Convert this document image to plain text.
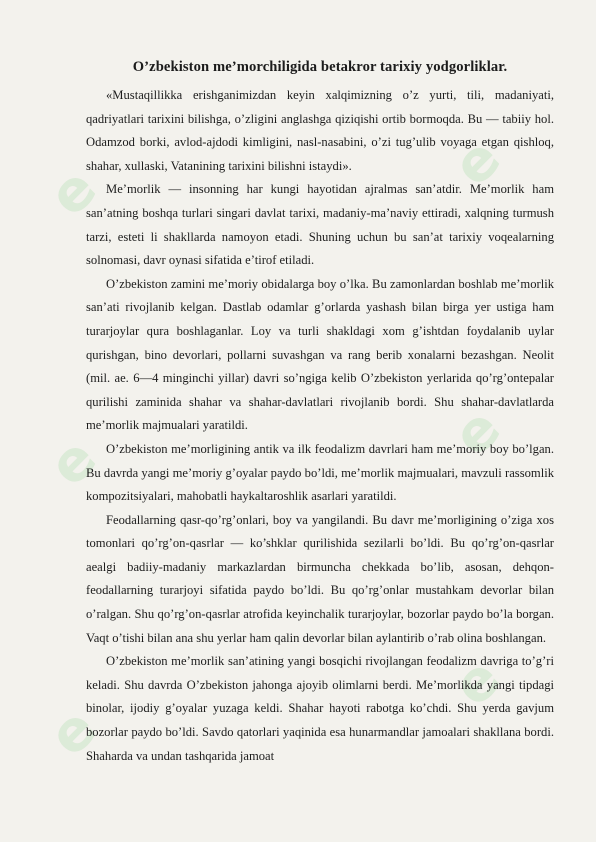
e
e
e
e
e
e
O’zbekiston me’morchiligida betakror tarixiy yodgorliklar.

«Mustaqillikka erishganimizdan keyin xalqimizning o’z yurti, tili, madaniyati, qadriyatlari tarixini bilishga, o’zligini anglashga qiziqishi ortib bormoqda. Bu — tabiiy hol. Odamzod borki, avlod-ajdodi kimligini, nasl-nasabini, o’zi tug’ulib voyaga etgan qishloq, shahar, xullaski, Vatanining tarixini bilishni istaydi».

Me’morlik — insonning har kungi hayotidan ajralmas san’atdir. Me’morlik ham san’atning boshqa turlari singari davlat tarixi, madaniy-ma’naviy ettiradi, xalqning turmush tarzi, esteti li shakllarda namoyon etadi. Shuning uchun bu san’at tarixiy voqealarning solnomasi, davr oynasi sifatida e’tirof etiladi.

O’zbekiston zamini me’moriy obidalarga boy o’lka. Bu zamonlardan boshlab me’morlik san’ati rivojlanib kelgan. Dastlab odamlar g’orlarda yashash bilan birga yer ustiga ham turarjoylar qura boshlaganlar. Loy va turli shakldagi xom g’ishtdan foydalanib uylar qurishgan, bino devorlari, pollarni suvashgan va rang berib xonalarni bezashgan. Neolit (mil. ae. 6—4 minginchi yillar) davri so’ngiga kelib O’zbekiston yerlarida qo’rg’ontepalar qurilishi zaminida shahar va shahar-davlatlari rivojlanib bordi. Shu shahar-davlatlarda me’morlik majmualari yaratildi.

O’zbekiston me’morligining antik va ilk feodalizm davrlari ham me’moriy boy bo’lgan. Bu davrda yangi me’moriy g’oyalar paydo bo’ldi, me’morlik majmualari, mavzuli rassomlik kompozitsiyalari, mahobatli haykaltaroshlik asarlari yaratildi.

Feodallarning qasr-qo’rg’onlari, boy va yangilandi. Bu davr me’morligining o’ziga xos tomonlari qo’rg’on-qasrlar — ko’shklar qurilishida sezilarli bo’ldi. Bu qo’rg’on-qasrlar aealgi badiiy-madaniy markazlardan birmuncha chekkada bo’lib, asosan, dehqon-feodallarning turarjoyi sifatida paydo bo’ldi. Bu qo’rg’onlar mustahkam devorlar bilan o’ralgan. Shu qo’rg’on-qasrlar atrofida keyinchalik turarjoylar, bozorlar paydo bo’la borgan. Vaqt o’tishi bilan ana shu yerlar ham qalin devorlar bilan aylantirib o’rab olina boshlangan.

O’zbekiston me’morlik san’atining yangi bosqichi rivojlangan feodalizm davriga to’g’ri keladi. Shu davrda O’zbekiston jahonga ajoyib olimlarni berdi. Me’morlikda yangi tipdagi binolar, ijodiy g’oyalar yuzaga keldi. Shahar hayoti rabotga ko’chdi. Shu yerda gavjum bozorlar paydo bo’ldi. Savdo qatorlari yaqinida esa hunarmandlar jamoalari shakllana bordi. Shaharda va undan tashqarida jamoat
